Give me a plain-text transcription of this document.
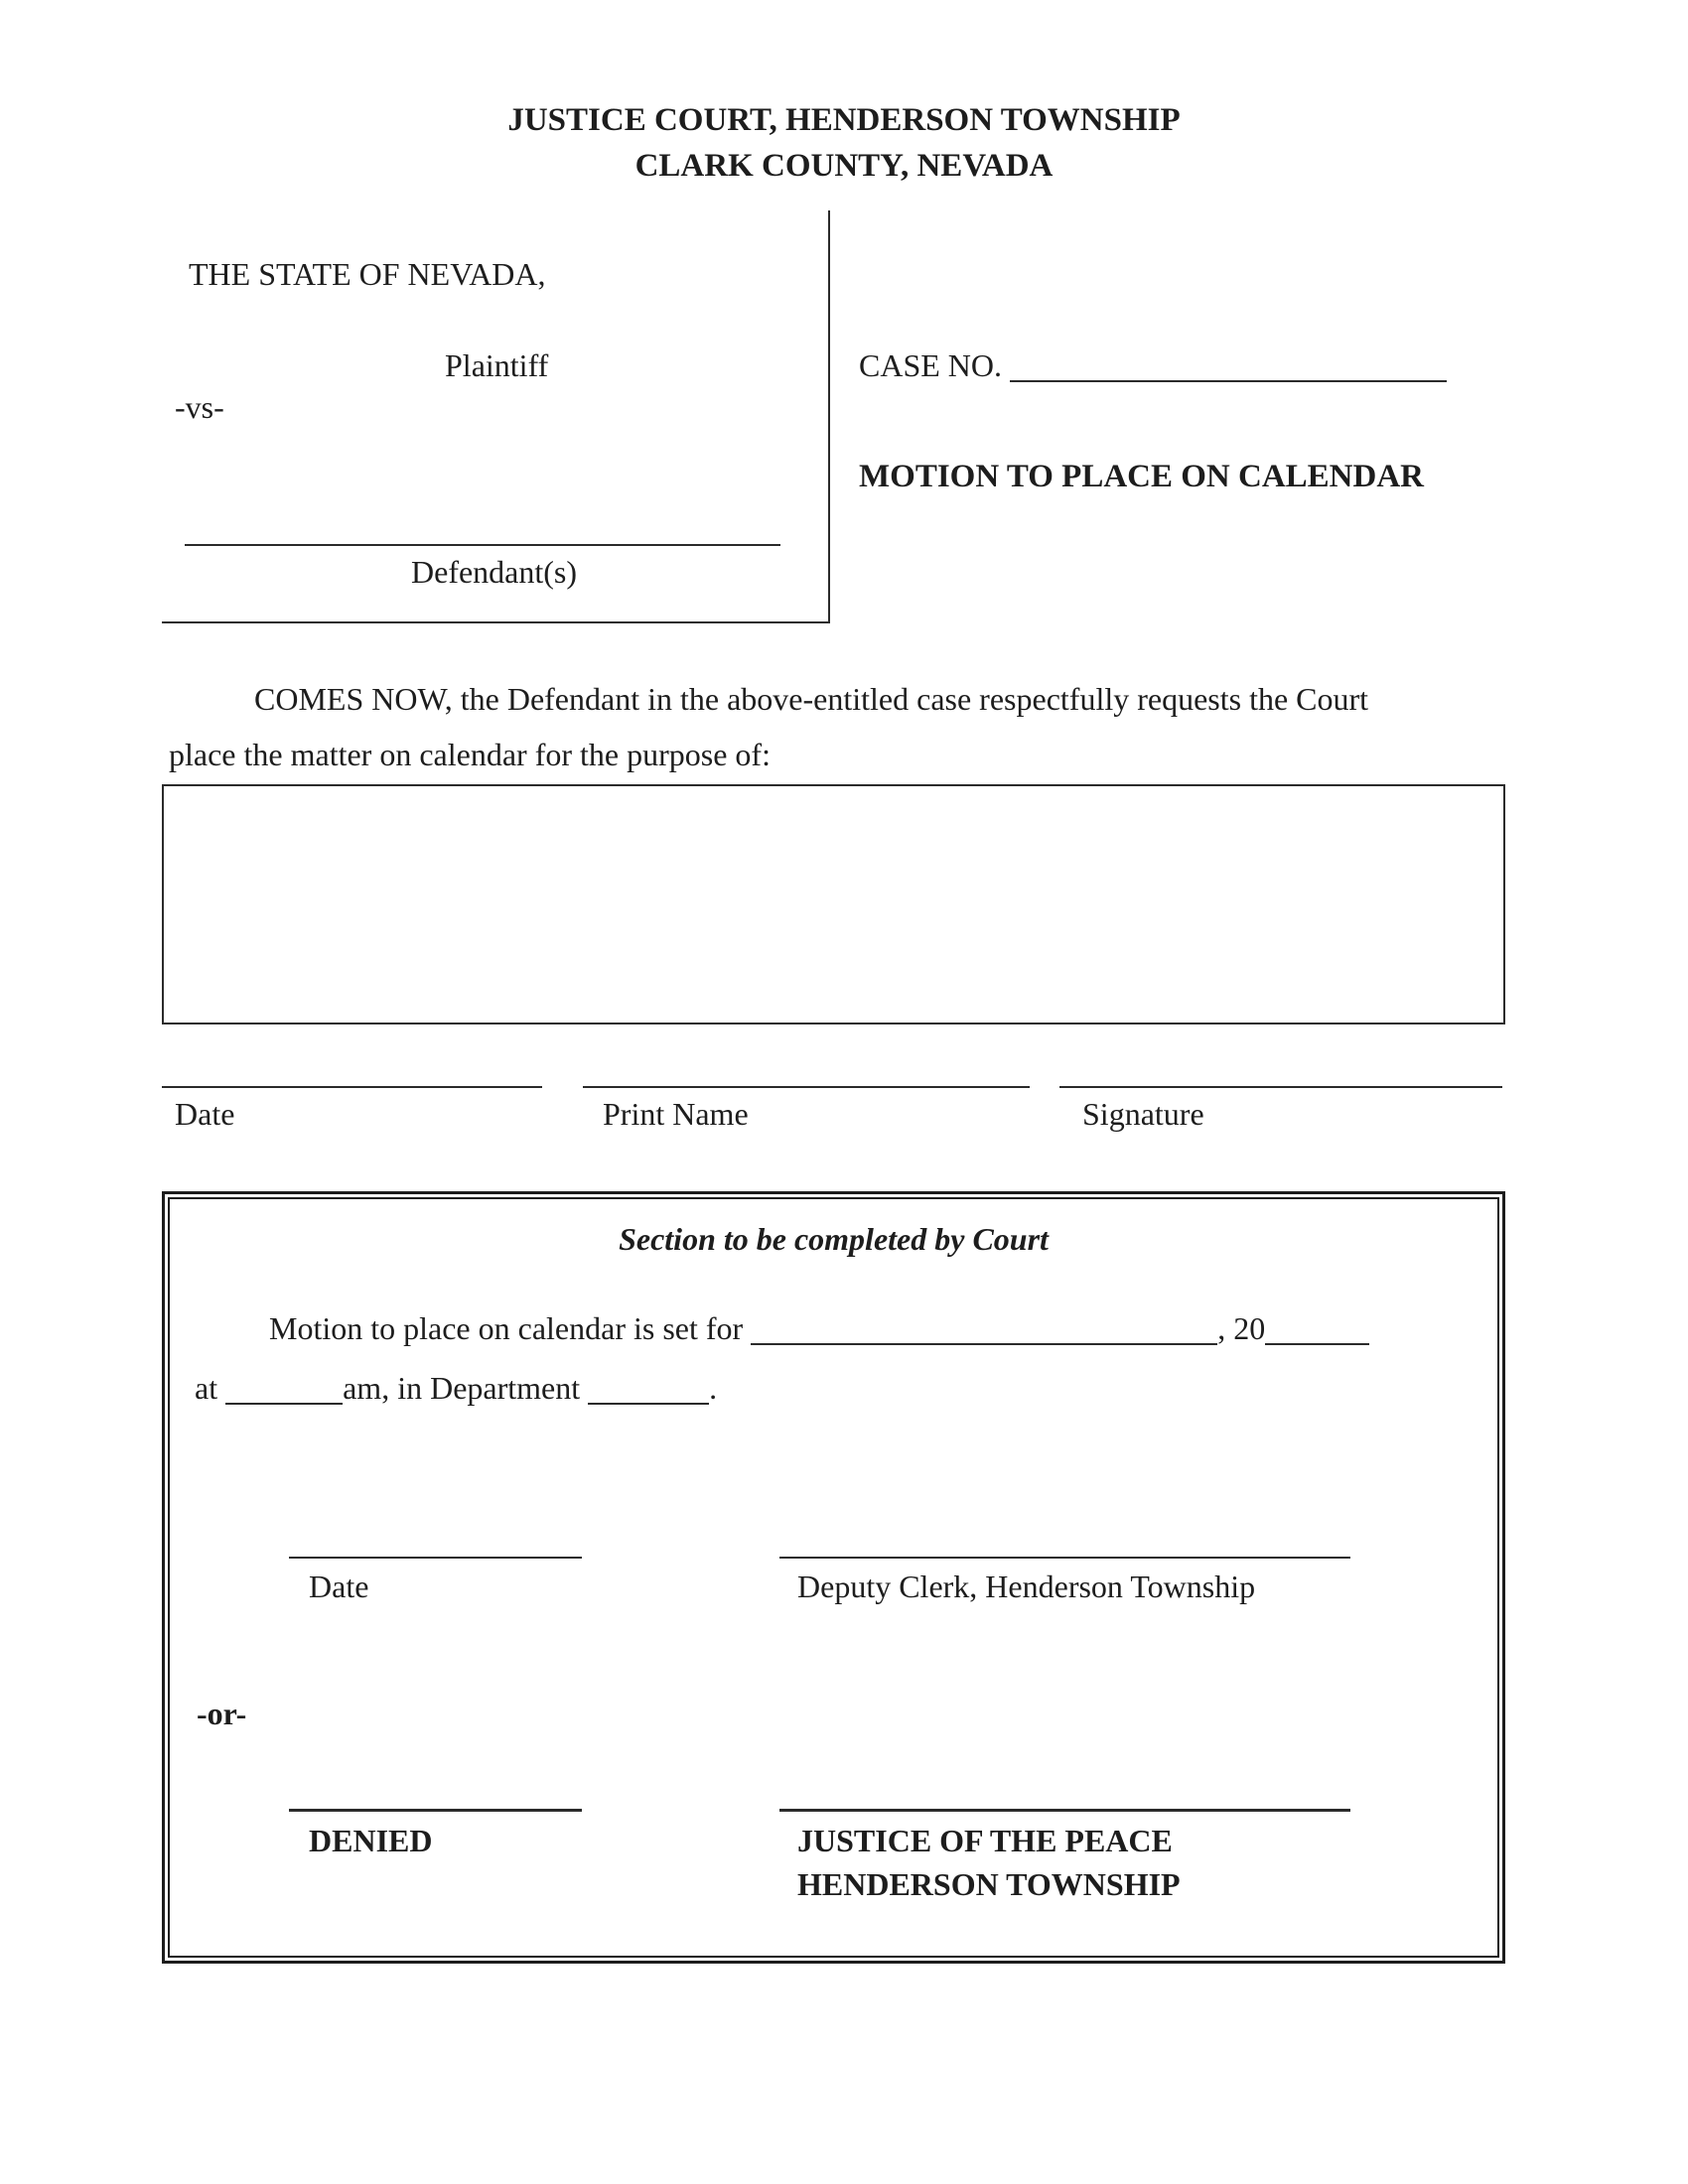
JUSTICE COURT, HENDERSON TOWNSHIP
CLARK COUNTY, NEVADA
THE STATE OF NEVADA,
Plaintiff
-vs-
Defendant(s)
CASE NO.
MOTION TO PLACE ON CALENDAR
COMES NOW, the Defendant in the above-entitled case respectfully requests the Court
place the matter on calendar for the purpose of:
Date	Print Name	Signature
Section to be completed by Court
Motion to place on calendar is set for	, 20
at	am, in Department	.
Date	Deputy Clerk, Henderson Township
-or-
DENIED	JUSTICE OF THE PEACE
HENDERSON TOWNSHIP
